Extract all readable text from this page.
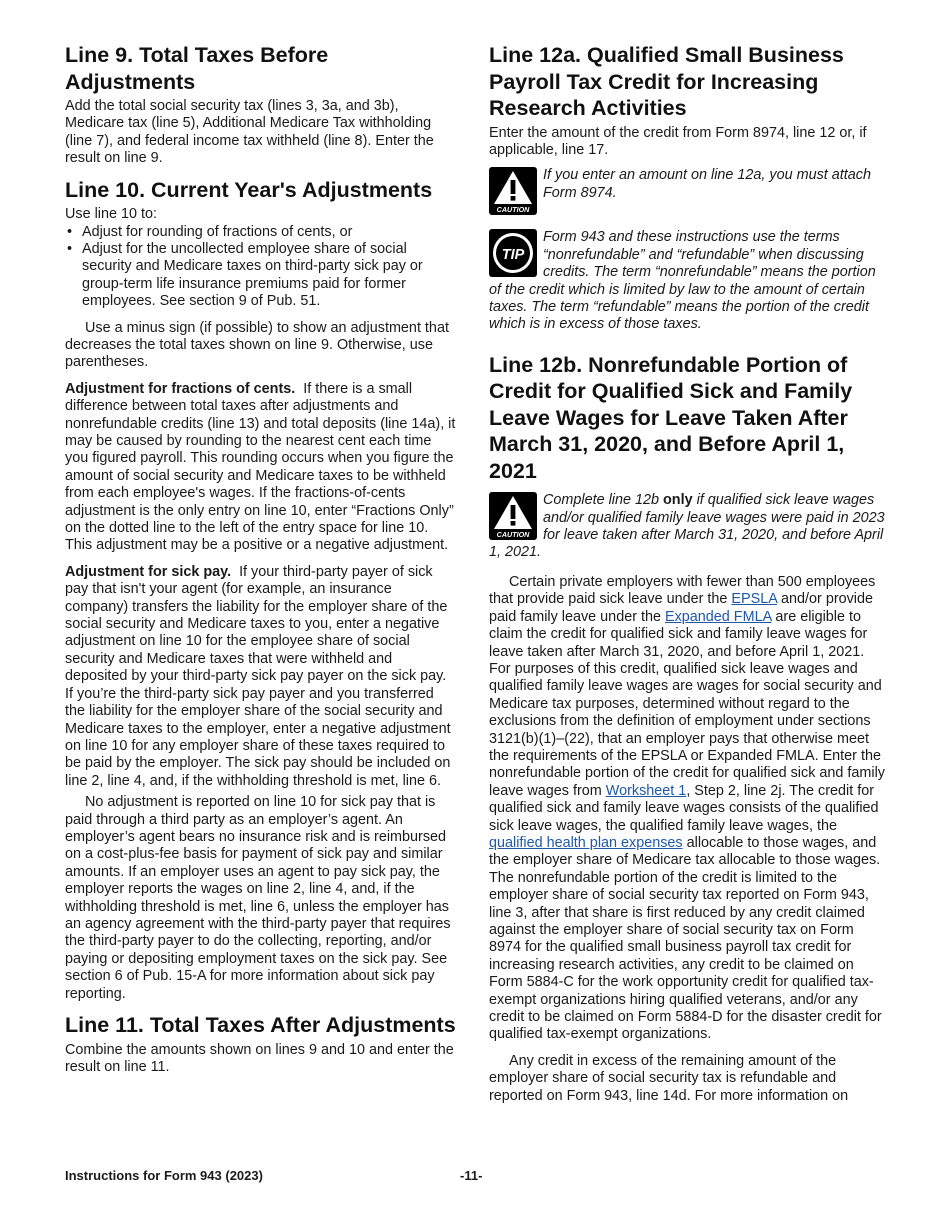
Line 9. Total Taxes Before Adjustments

Add the total social security tax (lines 3, 3a, and 3b), Medicare tax (line 5), Additional Medicare Tax withholding (line 7), and federal income tax withheld (line 8). Enter the result on line 9.

Line 10. Current Year's Adjustments

Use line 10 to:

• Adjust for rounding of fractions of cents, or
• Adjust for the uncollected employee share of social security and Medicare taxes on third-party sick pay or group-term life insurance premiums paid for former employees. See section 9 of Pub. 51.

Use a minus sign (if possible) to show an adjustment that decreases the total taxes shown on line 9. Otherwise, use parentheses.

Adjustment for fractions of cents. If there is a small difference between total taxes after adjustments and nonrefundable credits (line 13) and total deposits (line 14a), it may be caused by rounding to the nearest cent each time you figured payroll. This rounding occurs when you figure the amount of social security and Medicare taxes to be withheld from each employee's wages. If the fractions-of-cents adjustment is the only entry on line 10, enter “Fractions Only” on the dotted line to the left of the entry space for line 10. This adjustment may be a positive or a negative adjustment.

Adjustment for sick pay. If your third-party payer of sick pay that isn't your agent (for example, an insurance company) transfers the liability for the employer share of the social security and Medicare taxes to you, enter a negative adjustment on line 10 for the employee share of social security and Medicare taxes that were withheld and deposited by your third-party sick pay payer on the sick pay. If you’re the third-party sick pay payer and you transferred the liability for the employer share of the social security and Medicare taxes to the employer, enter a negative adjustment on line 10 for any employer share of these taxes required to be paid by the employer. The sick pay should be included on line 2, line 4, and, if the withholding threshold is met, line 6.

No adjustment is reported on line 10 for sick pay that is paid through a third party as an employer’s agent. An employer’s agent bears no insurance risk and is reimbursed on a cost-plus-fee basis for payment of sick pay and similar amounts. If an employer uses an agent to pay sick pay, the employer reports the wages on line 2, line 4, and, if the withholding threshold is met, line 6, unless the employer has an agency agreement with the third-party payer that requires the third-party payer to do the collecting, reporting, and/or paying or depositing employment taxes on the sick pay. See section 6 of Pub. 15-A for more information about sick pay reporting.

Line 11. Total Taxes After Adjustments

Combine the amounts shown on lines 9 and 10 and enter the result on line 11.

Line 12a. Qualified Small Business Payroll Tax Credit for Increasing Research Activities

Enter the amount of the credit from Form 8974, line 12 or, if applicable, line 17.

CAUTION
If you enter an amount on line 12a, you must attach Form 8974.
TIP
Form 943 and these instructions use the terms “nonrefundable” and “refundable” when discussing credits. The term “nonrefundable” means the portion of the credit which is limited by law to the amount of certain taxes. The term “refundable” means the portion of the credit which is in excess of those taxes.
Line 12b. Nonrefundable Portion of Credit for Qualified Sick and Family Leave Wages for Leave Taken After March 31, 2020, and Before April 1, 2021
CAUTION
Complete line 12b only if qualified sick leave wages and/or qualified family leave wages were paid in 2023 for leave taken after March 31, 2020, and before April 1, 2021.

Certain private employers with fewer than 500 employees that provide paid sick leave under the EPSLA and/or provide paid family leave under the Expanded FMLA are eligible to claim the credit for qualified sick and family leave wages for leave taken after March 31, 2020, and before April 1, 2021. For purposes of this credit, qualified sick leave wages and qualified family leave wages are wages for social security and Medicare tax purposes, determined without regard to the exclusions from the definition of employment under sections 3121(b)(1)–(22), that an employer pays that otherwise meet the requirements of the EPSLA or Expanded FMLA. Enter the nonrefundable portion of the credit for qualified sick and family leave wages from Worksheet 1, Step 2, line 2j. The credit for qualified sick and family leave wages consists of the qualified sick leave wages, the qualified family leave wages, the qualified health plan expenses allocable to those wages, and the employer share of Medicare tax allocable to those wages. The nonrefundable portion of the credit is limited to the employer share of social security tax reported on Form 943, line 3, after that share is first reduced by any credit claimed against the employer share of social security tax on Form 8974 for the qualified small business payroll tax credit for increasing research activities, any credit to be claimed on Form 5884-C for the work opportunity credit for qualified tax-exempt organizations hiring qualified veterans, and/or any credit to be claimed on Form 5884-D for the disaster credit for qualified tax-exempt organizations.

Any credit in excess of the remaining amount of the employer share of social security tax is refundable and reported on Form 943, line 14d. For more information on

Instructions for Form 943 (2023)	-11-
